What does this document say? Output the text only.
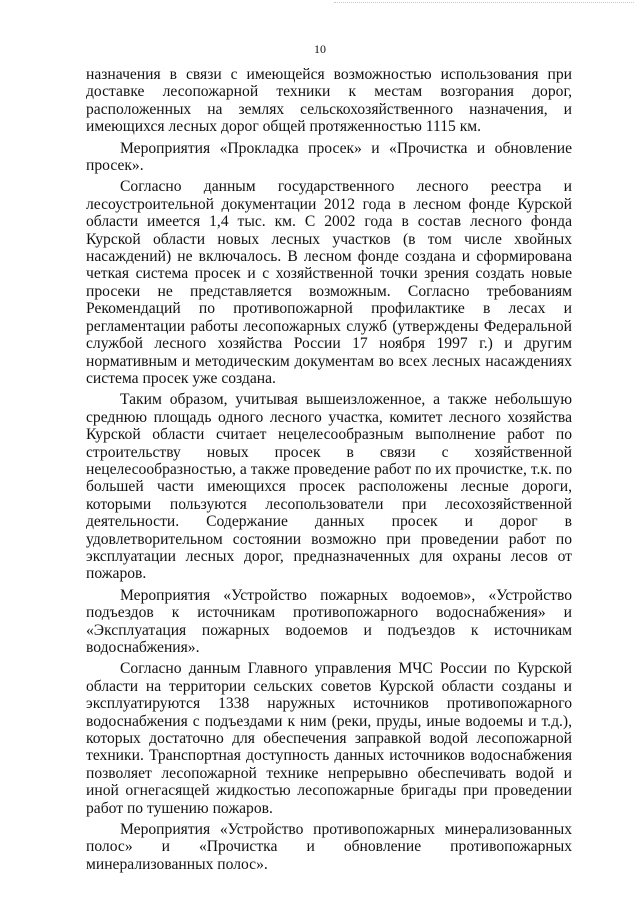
10

назначения в связи с имеющейся возможностью использования при доставке лесопожарной техники к местам возгорания дорог, расположенных на землях сельскохозяйственного назначения, и имеющихся лесных дорог общей протяженностью 1115 км.

Мероприятия «Прокладка просек» и «Прочистка и обновление просек».

Согласно данным государственного лесного реестра и лесоустроительной документации 2012 года в лесном фонде Курской области имеется 1,4 тыс. км. С 2002 года в состав лесного фонда Курской области новых лесных участков (в том числе хвойных насаждений) не включалось. В лесном фонде создана и сформирована четкая система просек и с хозяйственной точки зрения создать новые просеки не представляется возможным. Согласно требованиям Рекомендаций по противопожарной профилактике в лесах и регламентации работы лесопожарных служб (утверждены Федеральной службой лесного хозяйства России 17 ноября 1997 г.) и другим нормативным и методическим документам во всех лесных насаждениях система просек уже создана.

Таким образом, учитывая вышеизложенное, а также небольшую среднюю площадь одного лесного участка, комитет лесного хозяйства Курской области считает нецелесообразным выполнение работ по строительству новых просек в связи с хозяйственной нецелесообразностью, а также проведение работ по их прочистке, т.к. по большей части имеющихся просек расположены лесные дороги, которыми пользуются лесопользователи при лесохозяйственной деятельности. Содержание данных просек и дорог в удовлетворительном состоянии возможно при проведении работ по эксплуатации лесных дорог, предназначенных для охраны лесов от пожаров.

Мероприятия «Устройство пожарных водоемов», «Устройство подъездов к источникам противопожарного водоснабжения» и «Эксплуатация пожарных водоемов и подъездов к источникам водоснабжения».

Согласно данным Главного управления МЧС России по Курской области на территории сельских советов Курской области созданы и эксплуатируются 1338 наружных источников противопожарного водоснабжения с подъездами к ним (реки, пруды, иные водоемы и т.д.), которых достаточно для обеспечения заправкой водой лесопожарной техники. Транспортная доступность данных источников водоснабжения позволяет лесопожарной технике непрерывно обеспечивать водой и иной огнегасящей жидкостью лесопожарные бригады при проведении работ по тушению пожаров.

Мероприятия «Устройство противопожарных минерализованных полос» и «Прочистка и обновление противопожарных минерализованных полос».
